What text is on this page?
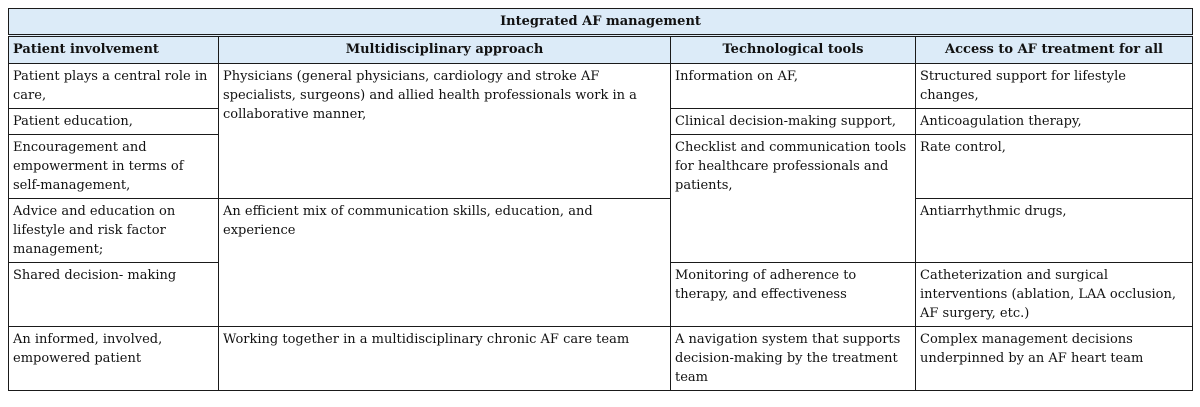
Integrated AF management			
Patient involvement	Multidisciplinary approach	Technological tools	Access to AF treatment for all
Patient plays a central role in care,	Physicians (general physicians, cardiology and stroke AF specialists, surgeons) and allied health professionals work in a collaborative manner,	Information on AF,	Structured support for lifestyle changes,
Patient education,		Clinical decision-making support,	Anticoagulation therapy,
Encouragement and empowerment in terms of self-management,		Checklist and communication tools for healthcare professionals and patients,	Rate control,
Advice and education on lifestyle and risk factor management;	An efficient mix of communication skills, education, and experience		Antiarrhythmic drugs,
Shared decision- making		Monitoring of adherence to therapy, and effectiveness	Catheterization and surgical interventions (ablation, LAA occlusion, AF surgery, etc.)
An informed, involved, empowered patient	Working together in a multidisciplinary chronic AF care team	A navigation system that supports decision-making by the treatment team	Complex management decisions underpinned by an AF heart team
